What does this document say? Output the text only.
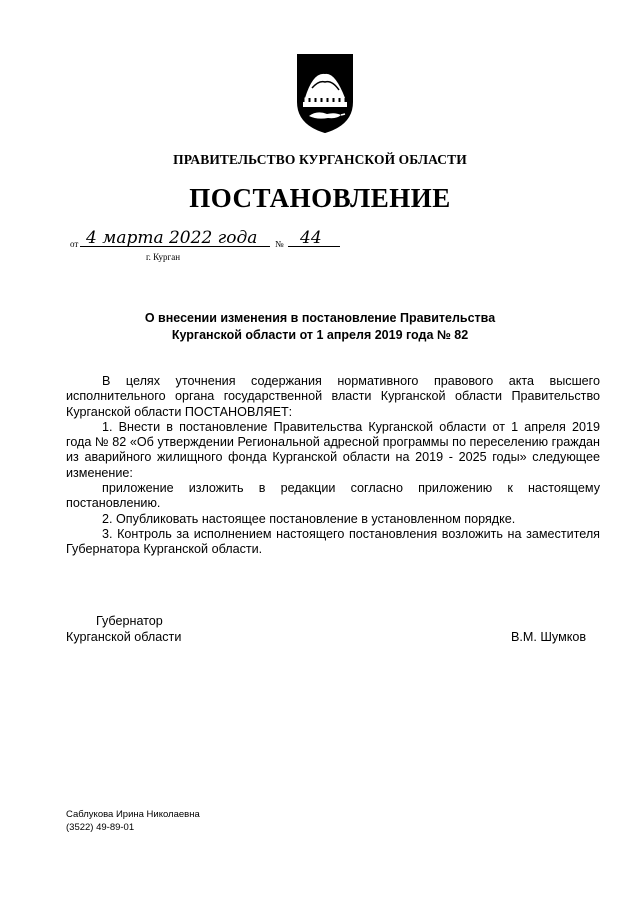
ПРАВИТЕЛЬСТВО КУРГАНСКОЙ ОБЛАСТИ
ПОСТАНОВЛЕНИЕ
от 4 марта 2022 года № 44
г. Курган
О внесении изменения в постановление Правительства
Курганской области от 1 апреля 2019 года № 82

В целях уточнения содержания нормативного правового акта высшего исполнительного органа государственной власти Курганской области Правительство Курганской области ПОСТАНОВЛЯЕТ:

1. Внести в постановление Правительства Курганской области от 1 апреля 2019 года № 82 «Об утверждении Региональной адресной программы по переселению граждан из аварийного жилищного фонда Курганской области на 2019 - 2025 годы» следующее изменение:

приложение изложить в редакции согласно приложению к настоящему постановлению.

2. Опубликовать настоящее постановление в установленном порядке.

3. Контроль за исполнением настоящего постановления возложить на заместителя Губернатора Курганской области.

Губернатор
Курганской области	В.М. Шумков
Саблукова Ирина Николаевна
(3522) 49-89-01
